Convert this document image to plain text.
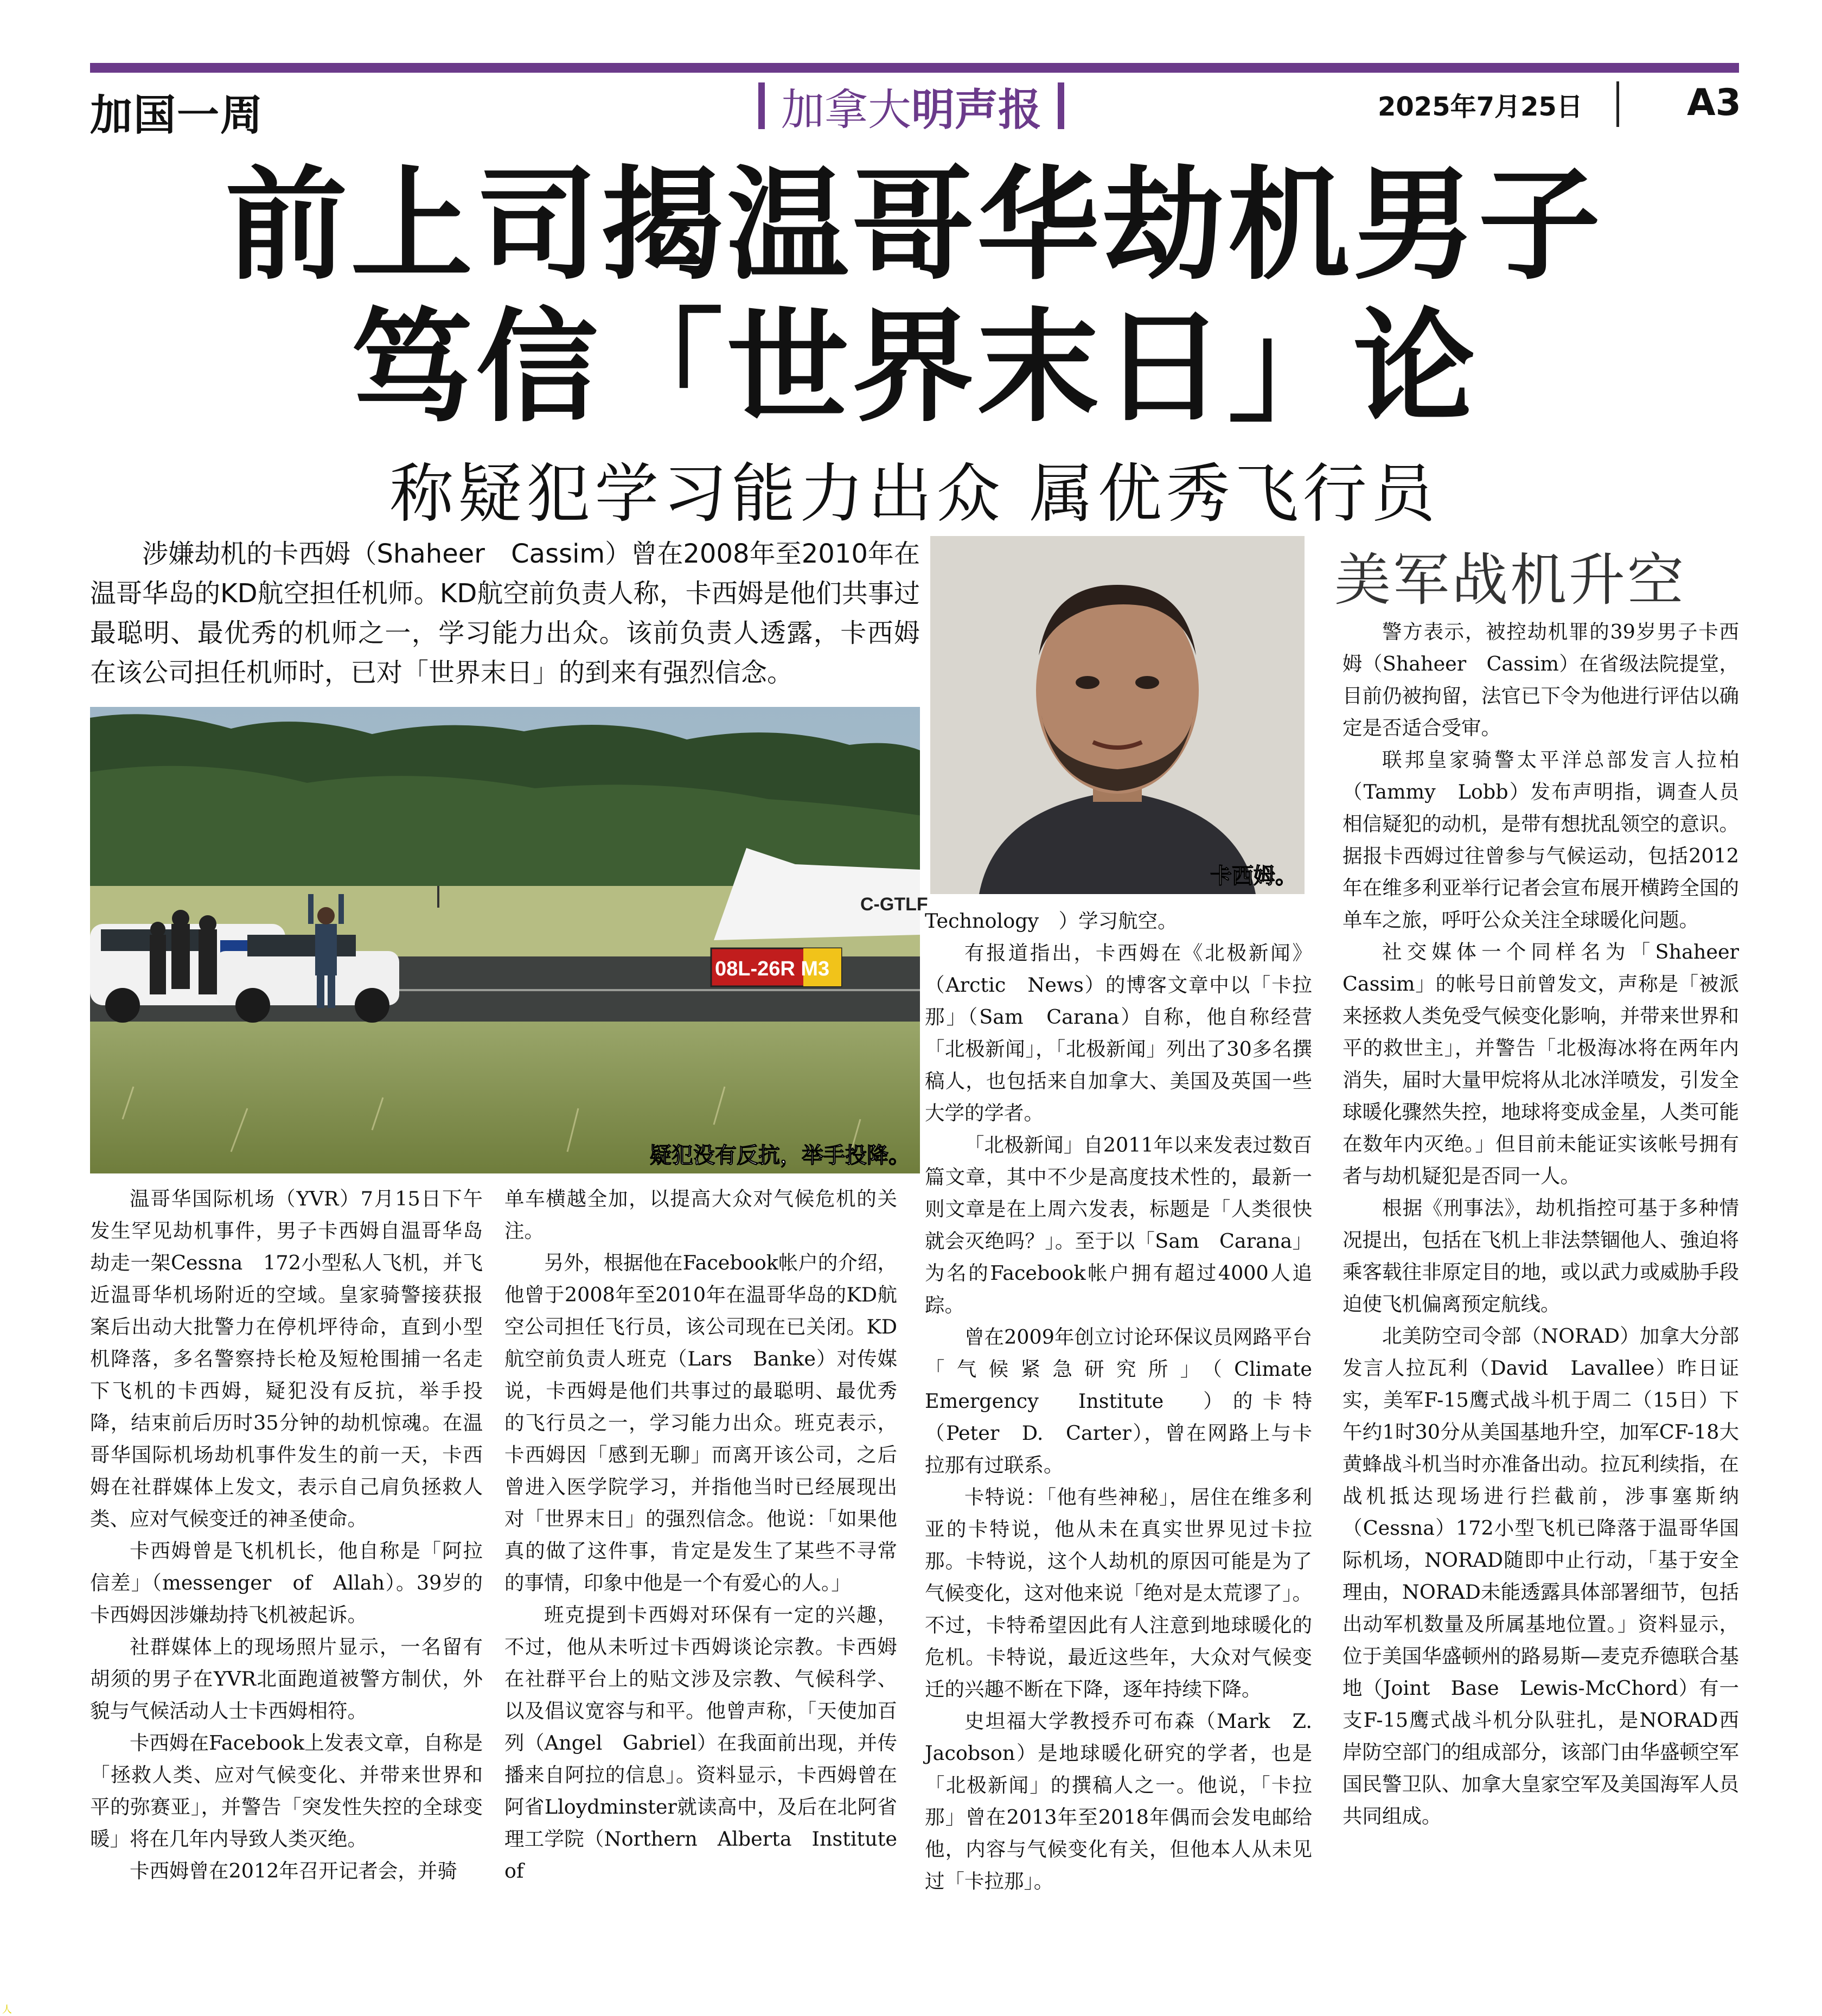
加国一周	加拿大明声报	2025年7月25日	A3
前上司揭温哥华劫机男子
笃信「世界末日」论
称疑犯学习能力出众 属优秀飞行员
涉嫌劫机的卡西姆（Shaheer　Cassim）曾在2008年至2010年在温哥华岛的KD航空担任机师。KD航空前负责人称，卡西姆是他们共事过最聪明、最优秀的机师之一，学习能力出众。该前负责人透露，卡西姆在该公司担任机师时，已对「世界末日」的到来有强烈信念。
C-GTLF
08L-26R M3
疑犯没有反抗，举手投降。
卡西姆。
美军战机升空

温哥华国际机场（YVR）7月15日下午发生罕见劫机事件，男子卡西姆自温哥华岛劫走一架Cessna　172小型私人飞机，并飞近温哥华机场附近的空域。皇家骑警接获报案后出动大批警力在停机坪待命，直到小型机降落，多名警察持长枪及短枪围捕一名走下飞机的卡西姆，疑犯没有反抗，举手投降，结束前后历时35分钟的劫机惊魂。在温哥华国际机场劫机事件发生的前一天，卡西姆在社群媒体上发文，表示自己肩负拯救人类、应对气候变迁的神圣使命。

卡西姆曾是飞机机长，他自称是「阿拉信差」（messenger　of　Allah）。39岁的卡西姆因涉嫌劫持飞机被起诉。

社群媒体上的现场照片显示，一名留有胡须的男子在YVR北面跑道被警方制伏，外貌与气候活动人士卡西姆相符。

卡西姆在Facebook上发表文章，自称是「拯救人类、应对气候变化、并带来世界和平的弥赛亚」，并警告「突发性失控的全球变暖」将在几年内导致人类灭绝。

卡西姆曾在2012年召开记者会，并骑

单车横越全加，以提高大众对气候危机的关注。

另外，根据他在Facebook帐户的介绍，他曾于2008年至2010年在温哥华岛的KD航空公司担任飞行员，该公司现在已关闭。KD航空前负责人班克（Lars　Banke）对传媒说，卡西姆是他们共事过的最聪明、最优秀的飞行员之一，学习能力出众。班克表示，卡西姆因「感到无聊」而离开该公司，之后曾进入医学院学习，并指他当时已经展现出对「世界末日」的强烈信念。他说：「如果他真的做了这件事，肯定是发生了某些不寻常的事情，印象中他是一个有爱心的人。」

班克提到卡西姆对环保有一定的兴趣，不过，他从未听过卡西姆谈论宗教。卡西姆在社群平台上的贴文涉及宗教、气候科学、以及倡议宽容与和平。他曾声称，「天使加百列（Angel　Gabriel）在我面前出现，并传播来自阿拉的信息」。资料显示，卡西姆曾在阿省Lloydminster就读高中，及后在北阿省理工学院（Northern　Alberta　Institute　of

Technology　）学习航空。

有报道指出，卡西姆在《北极新闻》（Arctic　News）的博客文章中以「卡拉那」（Sam　Carana）自称，他自称经营「北极新闻」，「北极新闻」列出了30多名撰稿人，也包括来自加拿大、美国及英国一些大学的学者。

「北极新闻」自2011年以来发表过数百篇文章，其中不少是高度技术性的，最新一则文章是在上周六发表，标题是「人类很快就会灭绝吗？」。至于以「Sam　Carana」为名的Facebook帐户拥有超过4000人追踪。

曾在2009年创立讨论环保议员网路平台「气候紧急研究所」（Climate　Emergency　Institute　）的卡特（Peter　D.　Carter），曾在网路上与卡拉那有过联系。

卡特说：「他有些神秘」，居住在维多利亚的卡特说，他从未在真实世界见过卡拉那。卡特说，这个人劫机的原因可能是为了气候变化，这对他来说「绝对是太荒谬了」。不过，卡特希望因此有人注意到地球暖化的危机。卡特说，最近这些年，大众对气候变迁的兴趣不断在下降，逐年持续下降。

史坦福大学教授乔可布森（Mark　Z.　Jacobson）是地球暖化研究的学者，也是「北极新闻」的撰稿人之一。他说，「卡拉那」曾在2013年至2018年偶而会发电邮给他，内容与气候变化有关，但他本人从未见过「卡拉那」。

警方表示，被控劫机罪的39岁男子卡西姆（Shaheer　Cassim）在省级法院提堂，目前仍被拘留，法官已下令为他进行评估以确定是否适合受审。

联邦皇家骑警太平洋总部发言人拉柏（Tammy　Lobb）发布声明指，调查人员相信疑犯的动机，是带有想扰乱领空的意识。据报卡西姆过往曾参与气候运动，包括2012年在维多利亚举行记者会宣布展开横跨全国的单车之旅，呼吁公众关注全球暖化问题。

社交媒体一个同样名为「Shaheer　Cassim」的帐号日前曾发文，声称是「被派来拯救人类免受气候变化影响，并带来世界和平的救世主」，并警告「北极海冰将在两年内消失，届时大量甲烷将从北冰洋喷发，引发全球暖化骤然失控，地球将变成金星，人类可能在数年内灭绝。」但目前未能证实该帐号拥有者与劫机疑犯是否同一人。

根据《刑事法》，劫机指控可基于多种情况提出，包括在飞机上非法禁锢他人、強迫将乘客载往非原定目的地，或以武力或威胁手段迫使飞机偏离预定航线。

北美防空司令部（NORAD）加拿大分部发言人拉瓦利（David　Lavallee）昨日证实，美军F-15鹰式战斗机于周二（15日）下午约1时30分从美国基地升空，加军CF-18大黄蜂战斗机当时亦准备出动。拉瓦利续指，在战机抵达现场进行拦截前，涉事塞斯纳（Cessna）172小型飞机已降落于温哥华国际机场，NORAD随即中止行动，「基于安全理由，NORAD未能透露具体部署细节，包括出动军机数量及所属基地位置。」资料显示，位于美国华盛顿州的路易斯—麦克乔德联合基地（Joint　Base　Lewis-McChord）有一支F-15鹰式战斗机分队驻扎，是NORAD西岸防空部门的组成部分，该部门由华盛顿空军国民警卫队、加拿大皇家空军及美国海军人员共同组成。

人
